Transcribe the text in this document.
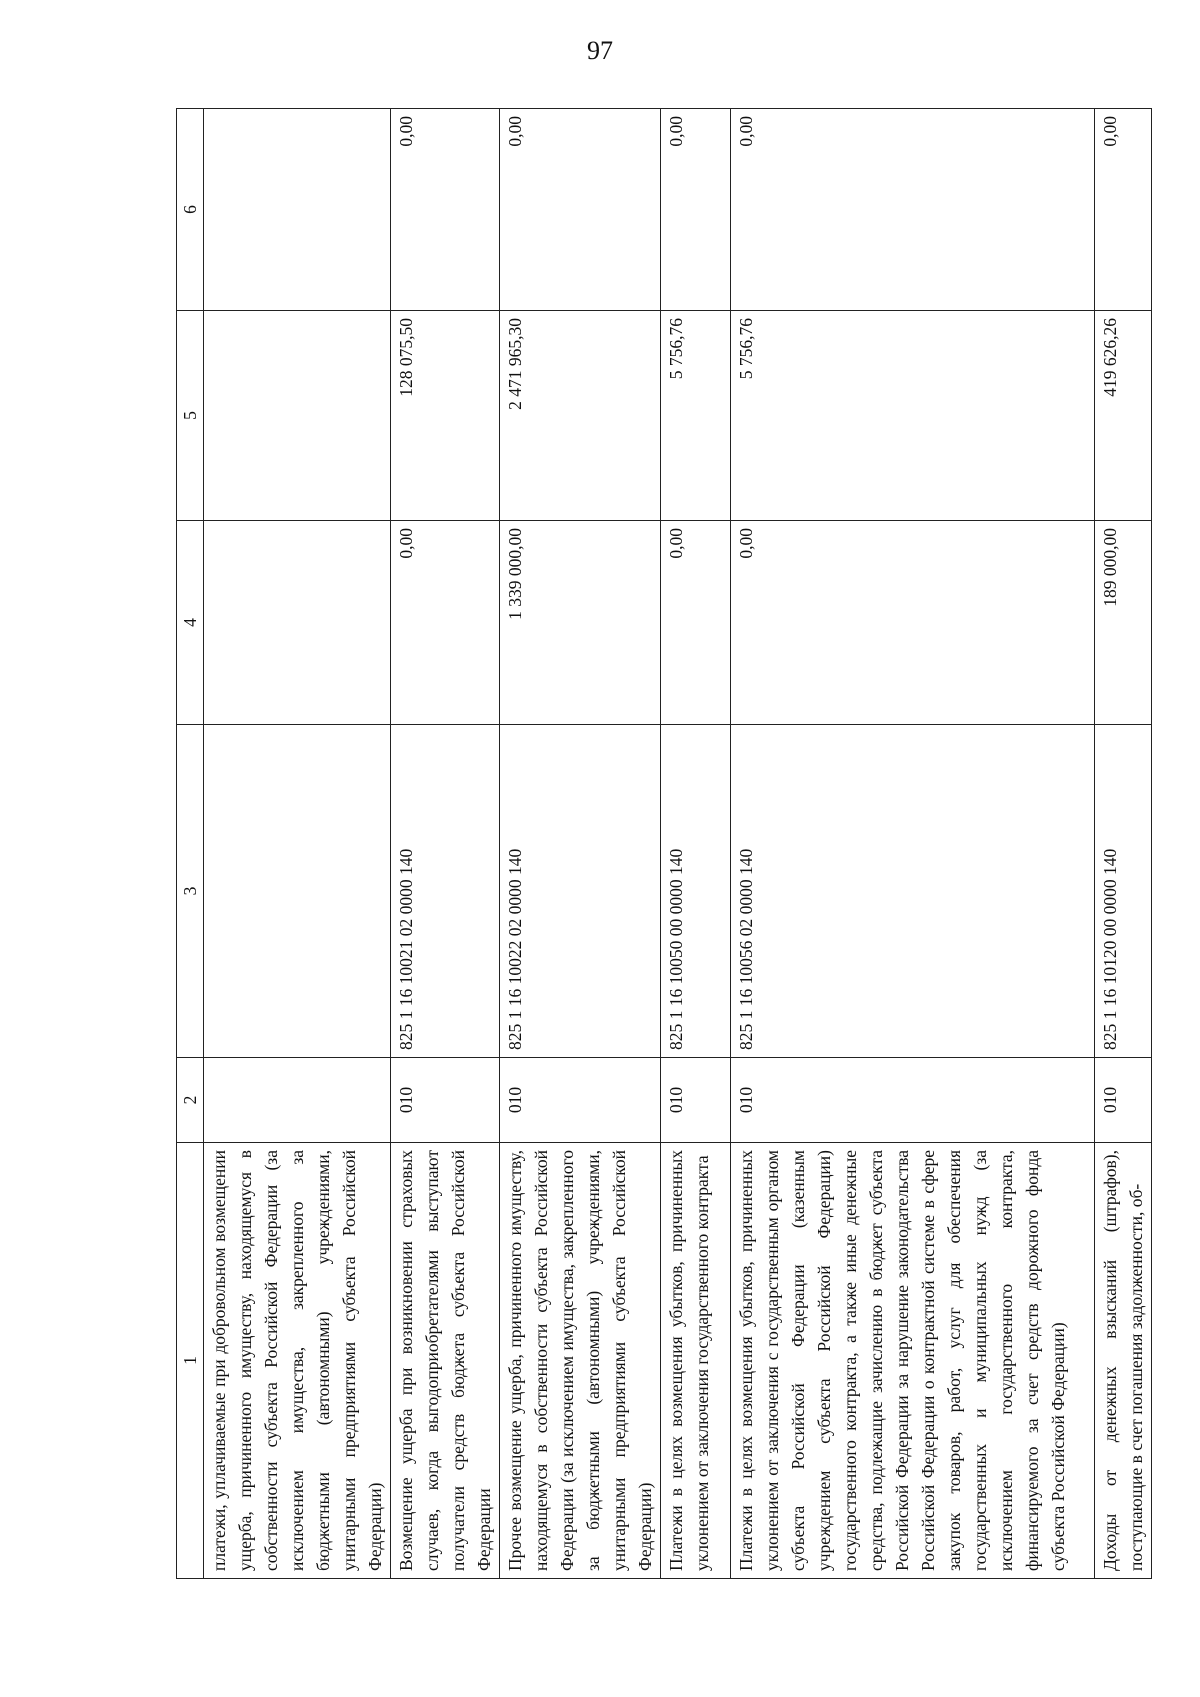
97
1	2	3	4	5	6
платежи, уплачиваемые при добровольном возмещении ущерба, причиненного имуществу, находящемуся в собственности субъекта Российской Федерации (за исключением имущества, закрепленного за бюджетными (автономными) учреждениями, унитарными предприятиями субъекта Российской Федерации)					
Возмещение ущерба при возникновении страховых случаев, когда выгодоприобретателями выступают получатели средств бюджета субъекта Российской Федерации	010	825 1 16 10021 02 0000 140	0,00	128 075,50	0,00
Прочее возмещение ущерба, причиненного имуществу, находящемуся в собственности субъекта Российской Федерации (за исключением имущества, закрепленного за бюджетными (автономными) учреждениями, унитарными предприятиями субъекта Российской Федерации)	010	825 1 16 10022 02 0000 140	1 339 000,00	2 471 965,30	0,00
Платежи в целях возмещения убытков, причиненных уклонением от заключения государственного контракта	010	825 1 16 10050 00 0000 140	0,00	5 756,76	0,00
Платежи в целях возмещения убытков, причиненных уклонением от заключения с государственным органом субъекта Российской Федерации (казенным учреждением субъекта Российской Федерации) государственного контракта, а также иные денежные средства, подлежащие зачислению в бюджет субъекта Российской Федерации за нарушение законодательства Российской Федерации о контрактной системе в сфере закупок товаров, работ, услуг для обеспечения государственных и муниципальных нужд (за исключением государственного контракта, финансируемого за счет средств дорожного фонда субъекта Российской Федерации)	010	825 1 16 10056 02 0000 140	0,00	5 756,76	0,00
Доходы от денежных взысканий (штрафов), поступающие в счет погашения задолженности, об-	010	825 1 16 10120 00 0000 140	189 000,00	419 626,26	0,00
